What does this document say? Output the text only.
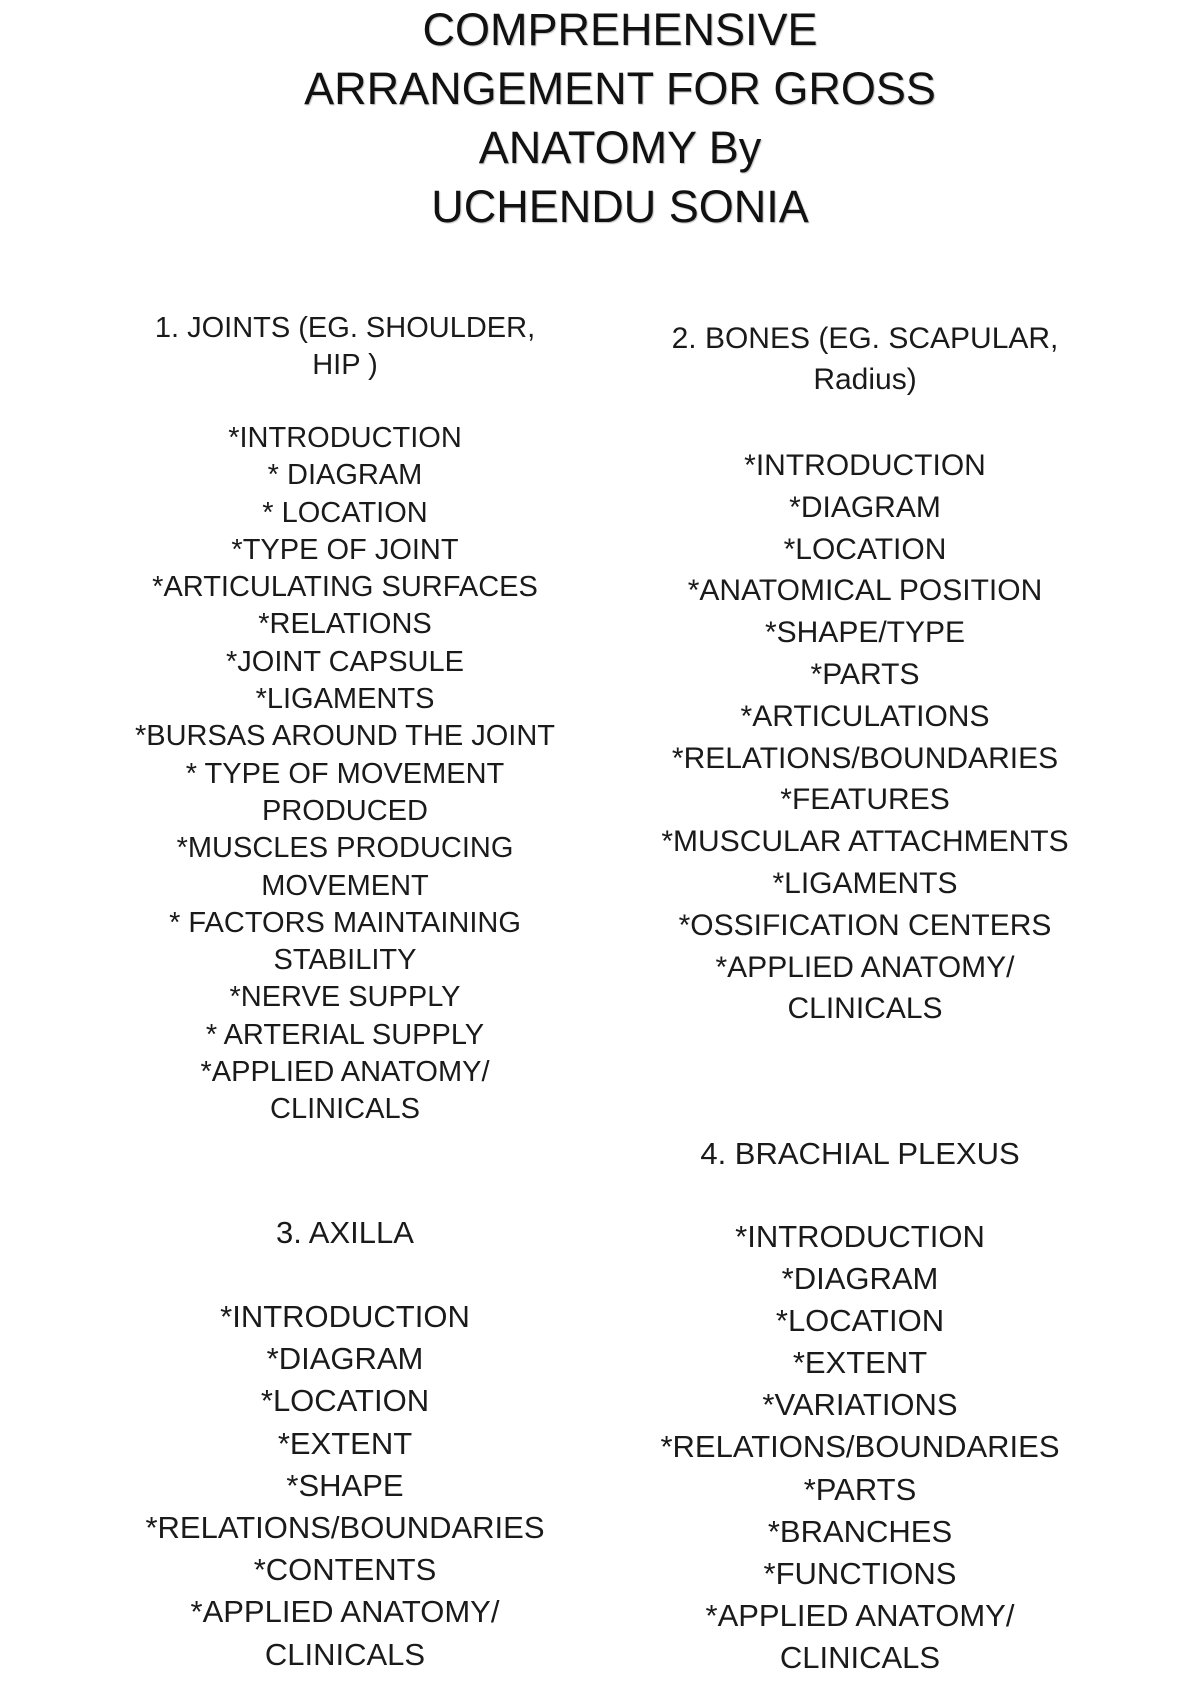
COMPREHENSIVE
ARRANGEMENT FOR GROSS
ANATOMY By
UCHENDU SONIA
1. JOINTS (EG. SHOULDER,
HIP )
*INTRODUCTION
* DIAGRAM
* LOCATION
*TYPE OF JOINT
*ARTICULATING SURFACES
*RELATIONS
*JOINT CAPSULE
*LIGAMENTS
*BURSAS AROUND THE JOINT
* TYPE OF MOVEMENT
PRODUCED
*MUSCLES PRODUCING
MOVEMENT
* FACTORS MAINTAINING
STABILITY
*NERVE SUPPLY
* ARTERIAL SUPPLY
*APPLIED ANATOMY/
CLINICALS
2. BONES (EG. SCAPULAR,
Radius)
*INTRODUCTION
*DIAGRAM
*LOCATION
*ANATOMICAL POSITION
*SHAPE/TYPE
*PARTS
*ARTICULATIONS
*RELATIONS/BOUNDARIES
*FEATURES
*MUSCULAR ATTACHMENTS
*LIGAMENTS
*OSSIFICATION CENTERS
*APPLIED ANATOMY/
CLINICALS
3. AXILLA
*INTRODUCTION
*DIAGRAM
*LOCATION
*EXTENT
*SHAPE
*RELATIONS/BOUNDARIES
*CONTENTS
*APPLIED ANATOMY/
CLINICALS
4. BRACHIAL PLEXUS
*INTRODUCTION
*DIAGRAM
*LOCATION
*EXTENT
*VARIATIONS
*RELATIONS/BOUNDARIES
*PARTS
*BRANCHES
*FUNCTIONS
*APPLIED ANATOMY/
CLINICALS
